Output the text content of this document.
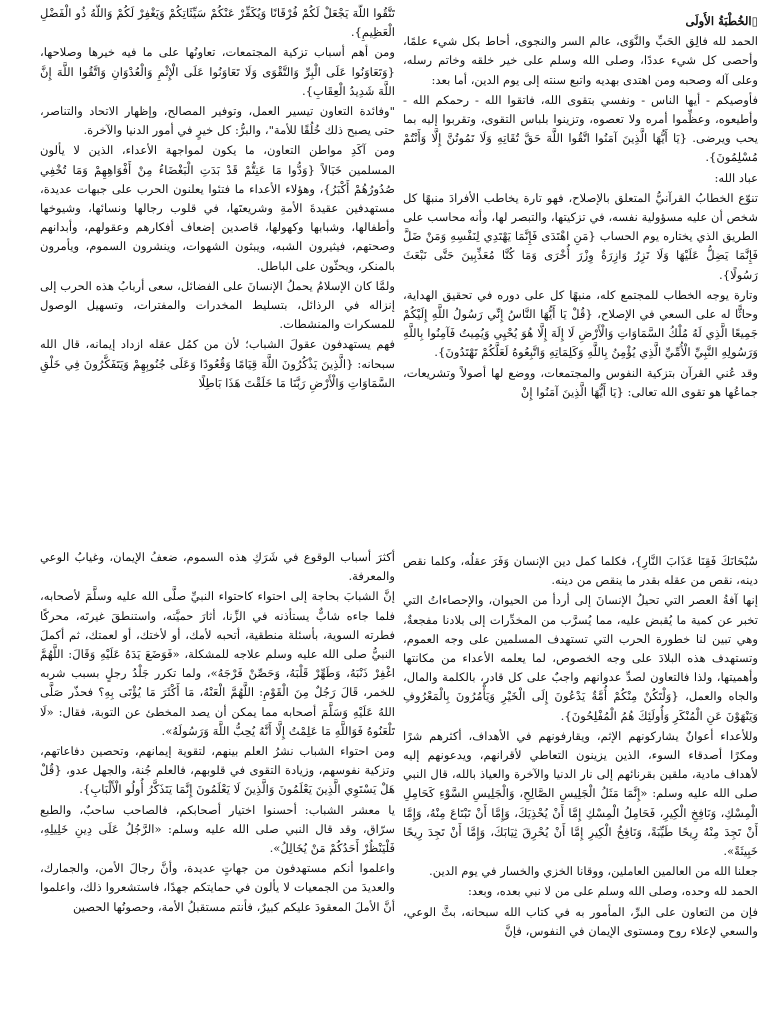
▯الخُطْبَةُ الأُولَى

الحمد لله فالِق الحَبِّ والنَّوَى، عالم السر والنجوى، أحاط بكل شيء علمًا، وأحصى كل شيء عددًا، وصلى الله وسلم على خير خلقه وخاتم رسله، وعلى آله وصحبه ومن اهتدى بهديه واتبع سنته إلى يوم الدين، أما بعد:

فأوصيكم - أيها الناس - ونفسي بتقوى الله، فاتقوا الله - رحمكم الله - وأطيعوه، وعظِّموا أمره ولا تعصوه، وتزينوا بلباس التقوى، وتقربوا إليه بما يحب ويرضى. {يَا أَيُّهَا الَّذِينَ آمَنُوا اتَّقُوا اللَّهَ حَقَّ تُقَاتِهِ وَلَا تَمُوتُنَّ إِلَّا وَأَنْتُمْ مُسْلِمُونَ}.

عباد الله:

تنوّع الخطابُ القرآنيُّ المتعلق بالإصلاح، فهو تارة يخاطب الأفرادَ منبهًا كل شخص أن عليه مسؤولية نفسه، في تزكيتها، والتبصر لها، وأنه محاسب على الطريق الذي يختاره يوم الحساب {مَنِ اهْتَدَى فَإِنَّمَا يَهْتَدِي لِنَفْسِهِ وَمَنْ ضَلَّ فَإِنَّمَا يَضِلُّ عَلَيْهَا وَلَا تَزِرُ وَازِرَةٌ وِزْرَ أُخْرَى وَمَا كُنَّا مُعَذِّبِينَ حَتَّى نَبْعَثَ رَسُولًا}.

وتارة يوجه الخطاب للمجتمع كله، منبهًا كل على دوره في تحقيق الهداية، وحاثًّا له على السعي في الإصلاح، {قُلْ يَا أَيُّهَا النَّاسُ إِنِّي رَسُولُ اللَّهِ إِلَيْكُمْ جَمِيعًا الَّذِي لَهُ مُلْكُ السَّمَاوَاتِ وَالْأَرْضِ لَا إِلَهَ إِلَّا هُوَ يُحْيِي وَيُمِيتُ فَآمِنُوا بِاللَّهِ وَرَسُولِهِ النَّبِيِّ الْأُمِّيِّ الَّذِي يُؤْمِنُ بِاللَّهِ وَكَلِمَاتِهِ وَاتَّبِعُوهُ لَعَلَّكُمْ تَهْتَدُونَ}.

وقد عُني القرآن بتزكية النفوس والمجتمعات، ووضع لها أصولاً وتشريعات، جماعُها هو تقوى الله تعالى: {يَا أَيُّهَا الَّذِينَ آمَنُوا إِنْ

تَتَّقُوا اللَّهَ يَجْعَلْ لَكُمْ فُرْقَانًا وَيُكَفِّرْ عَنْكُمْ سَيِّئَاتِكُمْ وَيَغْفِرْ لَكُمْ وَاللَّهُ ذُو الْفَضْلِ الْعَظِيمِ}.

ومن أهم أسباب تزكية المجتمعات، تعاونُها على ما فيه خيرها وصلاحها، {وَتَعَاوَنُوا عَلَى الْبِرِّ وَالتَّقْوَى وَلَا تَعَاوَنُوا عَلَى الْإِثْمِ وَالْعُدْوَانِ وَاتَّقُوا اللَّهَ إِنَّ اللَّهَ شَدِيدُ الْعِقَابِ}.

"وفائدة التعاون تيسير العمل، وتوفير المصالح، وإظهار الاتحاد والتناصر، حتى يصبح ذلك خُلُقًا للأمة"، والبرُّ: كل خيرٍ في أمور الدنيا والآخرة.

ومن آكَدِ مواطن التعاون، ما يكون لمواجهة الأعداء، الذين لا يألون المسلمين خَبَالاً {وَدُّوا مَا عَنِتُّمْ قَدْ بَدَتِ الْبَغْضَاءُ مِنْ أَفْوَاهِهِمْ وَمَا تُخْفِي صُدُورُهُمْ أَكْبَرُ}، وهؤلاء الأعداء ما فتئوا يعلنون الحرب على جبهات عديدة، مستهدفين عقيدةَ الأمةِ وشريعتَها، في قلوب رجالها ونسائها، وشيوخها وأطفالها، وشبابها وكهولها، قاصدين إضعاف أفكارهم وعقولهم، وأبدانهم وصحتهم، فيثيرون الشبه، ويبثون الشهوات، وينشرون السموم، ويأمرون بالمنكر، ويحثّون على الباطل.

ولمَّا كان الإسلامُ يحملُ الإنسانَ على الفضائل، سعى أربابُ هذه الحرب إلى إنزاله في الرذائل، بتسليط المخدرات والمفترات، وتسهيل الوصول للمسكرات والمنشطات.

فهم يستهدفون عقولَ الشباب؛ لأن من كمُل عقله ازداد إيمانه، قال الله سبحانه: {الَّذِينَ يَذْكُرُونَ اللَّهَ قِيَامًا وَقُعُودًا وَعَلَى جُنُوبِهِمْ وَيَتَفَكَّرُونَ فِي خَلْقِ السَّمَاوَاتِ وَالْأَرْضِ رَبَّنَا مَا خَلَقْتَ هَذَا بَاطِلًا

سُبْحَانَكَ فَقِنَا عَذَابَ النَّارِ}، فكلما كمل دين الإنسان وَفَرَ عقلُه، وكلما نقص دينه، نقص من عقله بقدر ما ينقص من دينه.

إنها آفةُ العصر التي تحيلُ الإنسانَ إلى أردأ من الحيوان، والإحصاءاتُ التي تخبر عن كمية ما يُقبض عليه، مما يُسرَّب من المخدِّرات إلى بلادنا مفجعةٌ، وهي تبين لنا خطورة الحرب التي تستهدف المسلمين على وجه العموم، وتستهدف هذه البلادَ على وجه الخصوص، لما يعلمه الأعداء من مكانتها وأهميتها، ولذا فالتعاون لصدِّ عدوانهم واجبٌ على كل قادر، بالكلمة والمال، والجاه والعمل، {وَلْتَكُنْ مِنْكُمْ أُمَّةٌ يَدْعُونَ إِلَى الْخَيْرِ وَيَأْمُرُونَ بِالْمَعْرُوفِ وَيَنْهَوْنَ عَنِ الْمُنْكَرِ وَأُولَئِكَ هُمُ الْمُفْلِحُونَ}.

وللأعداء أعوانٌ يشاركونهم الإثم، ويقارفونهم في الأهداف، أكثرهم شرًا ومكرًا أصدقاء السوء، الذين يزينون التعاطي لأقرانهم، ويدعونهم إليه لأهداف مادية، ملقين بقرنائهم إلى نار الدنيا والآخرة والعياذ بالله، قال النبي صلى الله عليه وسلم: «إِنَّمَا مَثَلُ الْجَلِيسِ الصَّالِحِ، وَالْجَلِيسِ السَّوْءِ كَحَامِلِ الْمِسْكِ، وَنَافِخِ الْكِيرِ، فَحَامِلُ الْمِسْكِ إِمَّا أَنْ يُحْذِيَكَ، وَإِمَّا أَنْ تَبْتَاعَ مِنْهُ، وَإِمَّا أَنْ تَجِدَ مِنْهُ رِيحًا طَيِّبَةً، وَنَافِخُ الْكِيرِ إِمَّا أَنْ يُحْرِقَ ثِيَابَكَ، وَإِمَّا أَنْ تَجِدَ رِيحًا خَبِيثَةً».

جعلنا الله من العالمين العاملين، ووقانا الخزي والخسار في يوم الدين.

الحمد لله وحده، وصلى الله وسلم على من لا نبي بعده، وبعد:

فإن من التعاون على البرِّ، المأمور به في كتاب الله سبحانه، بثَّ الوعي، والسعي لإعلاء روح ومستوى الإيمان في النفوس، فإنَّ

أكثرَ أسباب الوقوع في شَرَكِ هذه السموم، ضعفُ الإيمان، وغيابُ الوعي والمعرفة.

إنَّ الشبابَ بحاجة إلى احتواء كاحتواء النبيِّ صلَّى الله عليه وسلَّمَ لأصحابه، فلما جاءه شابٌّ يستأذنه في الزِّنا، أثارَ حميَّته، واستنطقَ غيرتَه، محركًا فطرته السوية، بأسئلة منطقية، أتحبه لأمك، أو لأختك، أو لعمتك، ثم أكملَ النبيُّ صلى الله عليه وسلم علاجه للمشكلة، «فَوَضَعَ يَدَهُ عَلَيْهِ وَقَالَ: اللَّهُمَّ اغْفِرْ ذَنْبَهُ، وَطَهِّرْ قَلْبَهُ، وَحَصِّنْ فَرْجَهُ»، ولما تكرر جَلْدُ رجلٍ بسبب شربه للخمر، قَالَ رَجُلٌ مِنَ الْقَوْمِ: اللَّهُمَّ الْعَنْهُ، مَا أَكْثَرَ مَا يُؤْتَى بِهِ؟ فحذّر صَلَّى اللهُ عَلَيْهِ وَسَلَّمَ أصحابه مما يمكن أن يصد المخطئ عن التوبة، فقال: «لَا تَلْعَنُوهُ فَوَاللَّهِ مَا عَلِمْتُ إِلَّا أَنَّهُ يُحِبُّ اللَّهَ وَرَسُولَهُ».

ومن احتواء الشباب نشرُ العلم بينهم، لتقوية إيمانهم، وتحصين دفاعاتهم، وتزكية نفوسهم، وزيادة التقوى في قلوبهم، فالعلم جُنة، والجهل عدو، {قُلْ هَلْ يَسْتَوِي الَّذِينَ يَعْلَمُونَ وَالَّذِينَ لَا يَعْلَمُونَ إِنَّمَا يَتَذَكَّرُ أُولُو الْأَلْبَابِ}.

يا معشر الشباب: أحسنوا اختيار أصحابكم، فالصاحب ساحبٌ، والطبع سرّاق، وقد قال النبي صلى الله عليه وسلم: «الرَّجُلُ عَلَى دِينِ خَلِيلِهِ، فَلْيَنْظُرْ أَحَدُكُمْ مَنْ يُخَالِلُ».

واعلموا أنكم مستهدفون من جهاتٍ عديدة، وأنَّ رجالَ الأمن، والجمارك، والعديدَ من الجمعيات لا يألون في حمايتكم جهدًا، فاستشعروا ذلك، واعلموا أنَّ الأملَ المعقودَ عليكم كبيرٌ، فأنتم مستقبلُ الأمة، وحصونُها الحصين
